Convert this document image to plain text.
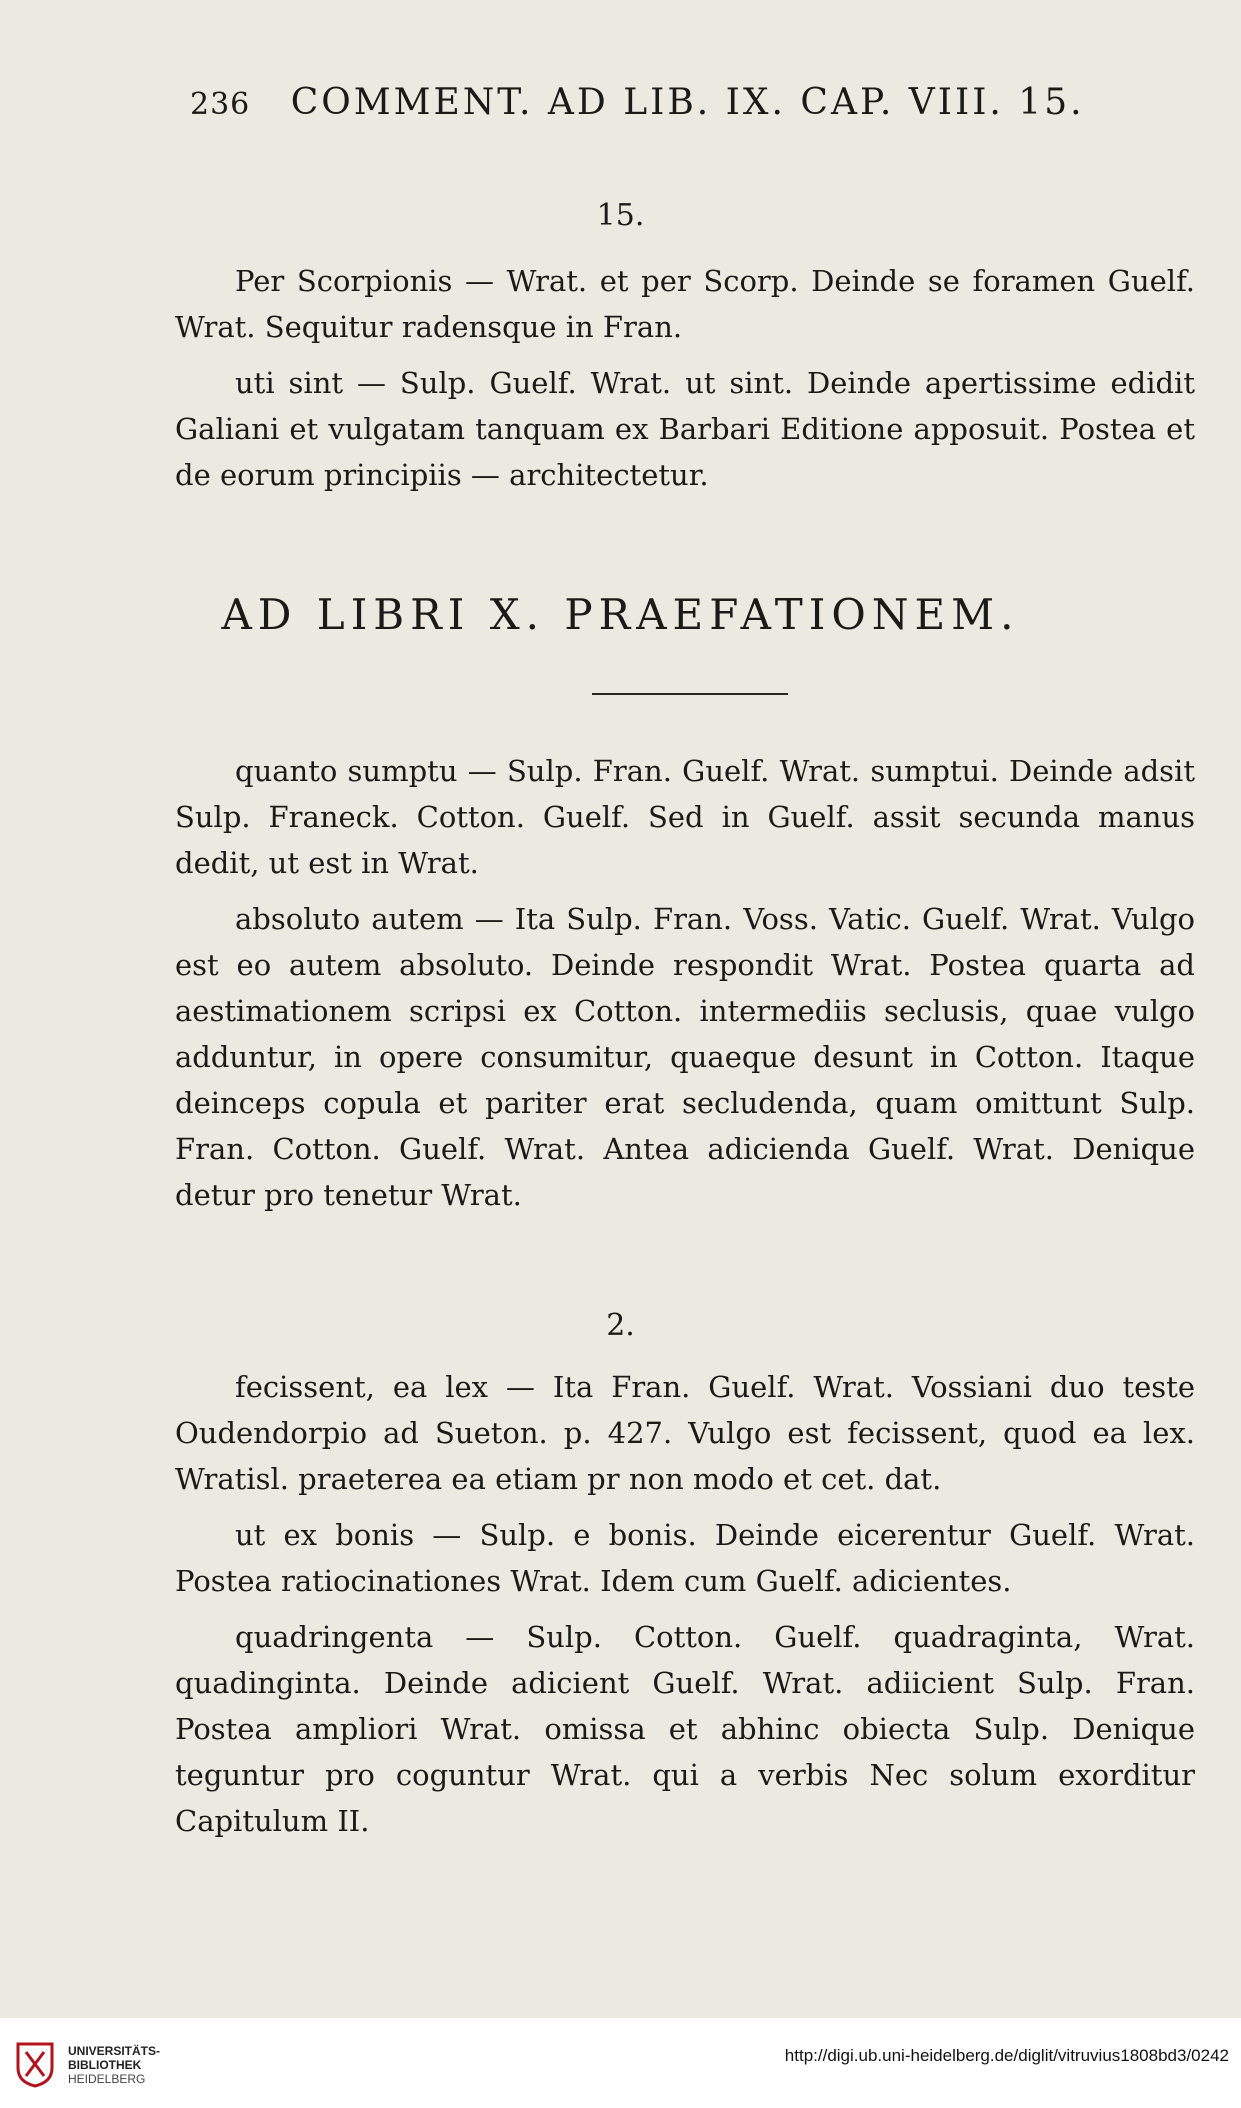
236 COMMENT. AD LIB. IX. CAP. VIII. 15.
15.

Per Scorpionis — Wrat. et per Scorp. Deinde se foramen Guelf. Wrat. Sequitur radensque in Fran.

uti sint — Sulp. Guelf. Wrat. ut sint. Deinde apertissime edidit Galiani et vulgatam tanquam ex Barbari Editione apposuit. Postea et de eorum principiis — architectetur.

AD LIBRI X. PRAEFATIONEM.

quanto sumptu — Sulp. Fran. Guelf. Wrat. sumptui. Deinde adsit Sulp. Franeck. Cotton. Guelf. Sed in Guelf. assit secunda manus dedit, ut est in Wrat.

absoluto autem — Ita Sulp. Fran. Voss. Vatic. Guelf. Wrat. Vulgo est eo autem absoluto. Deinde respondit Wrat. Postea quarta ad aestimationem scripsi ex Cotton. intermediis seclusis, quae vulgo adduntur, in opere consumitur, quaeque desunt in Cotton. Itaque deinceps copula et pariter erat secludenda, quam omittunt Sulp. Fran. Cotton. Guelf. Wrat. Antea adicienda Guelf. Wrat. Denique detur pro tenetur Wrat.

2.

fecissent, ea lex — Ita Fran. Guelf. Wrat. Vossiani duo teste Oudendorpio ad Sueton. p. 427. Vulgo est fecissent, quod ea lex. Wratisl. praeterea ea etiam pr non modo et cet. dat.

ut ex bonis — Sulp. e bonis. Deinde eicerentur Guelf. Wrat. Postea ratiocinationes Wrat. Idem cum Guelf. adicientes.

quadringenta — Sulp. Cotton. Guelf. quadraginta, Wrat. quadinginta. Deinde adicient Guelf. Wrat. adiicient Sulp. Fran. Postea ampliori Wrat. omissa et abhinc obiecta Sulp. Denique teguntur pro coguntur Wrat. qui a verbis Nec solum exorditur Capitulum II.

UNIVERSITÄTS-
BIBLIOTHEK
HEIDELBERG
http://digi.ub.uni-heidelberg.de/diglit/vitruvius1808bd3/0242
